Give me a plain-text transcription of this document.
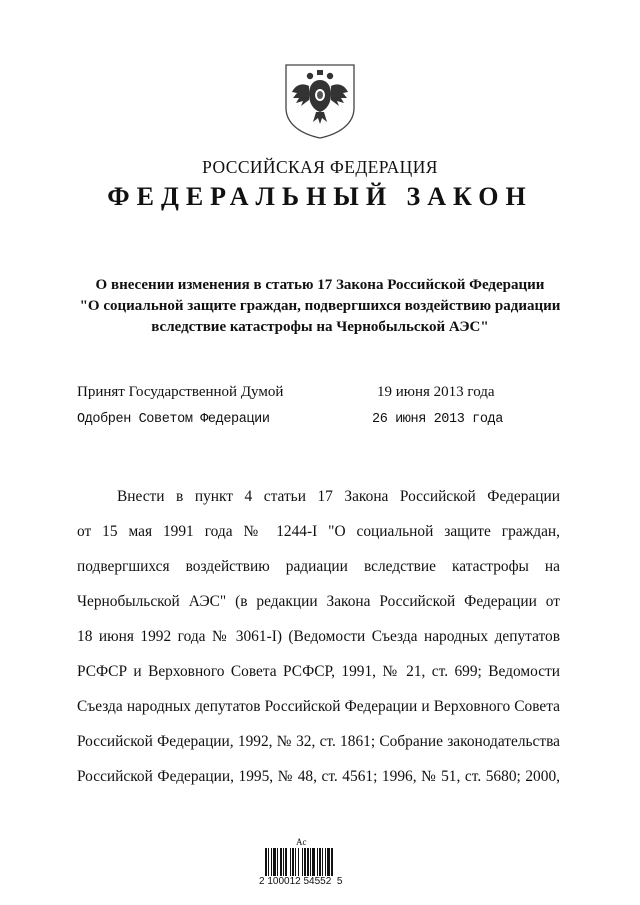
РОССИЙСКАЯ ФЕДЕРАЦИЯ
ФЕДЕРАЛЬНЫЙ ЗАКОН
О внесении изменения в статью 17 Закона Российской Федерации
"О социальной защите граждан, подвергшихся воздействию радиации
вследствие катастрофы на Чернобыльской АЭС"
Принят Государственной Думой	19 июня 2013 года
Одобрен Советом Федерации	26 июня 2013 года
Внести в пункт 4 статьи 17 Закона Российской Федерации
от 15 мая 1991 года № 1244-I "О социальной защите граждан,
подвергшихся воздействию радиации вследствие катастрофы на
Чернобыльской АЭС" (в редакции Закона Российской Федерации от
18 июня 1992 года № 3061-I) (Ведомости Съезда народных депутатов
РСФСР и Верховного Совета РСФСР, 1991, № 21, ст. 699; Ведомости
Съезда народных депутатов Российской Федерации и Верховного Совета
Российской Федерации, 1992, № 32, ст. 1861; Собрание законодательства
Российской Федерации, 1995, № 48, ст. 4561; 1996, № 51, ст. 5680; 2000,
Ac
2 100012 54552  5
